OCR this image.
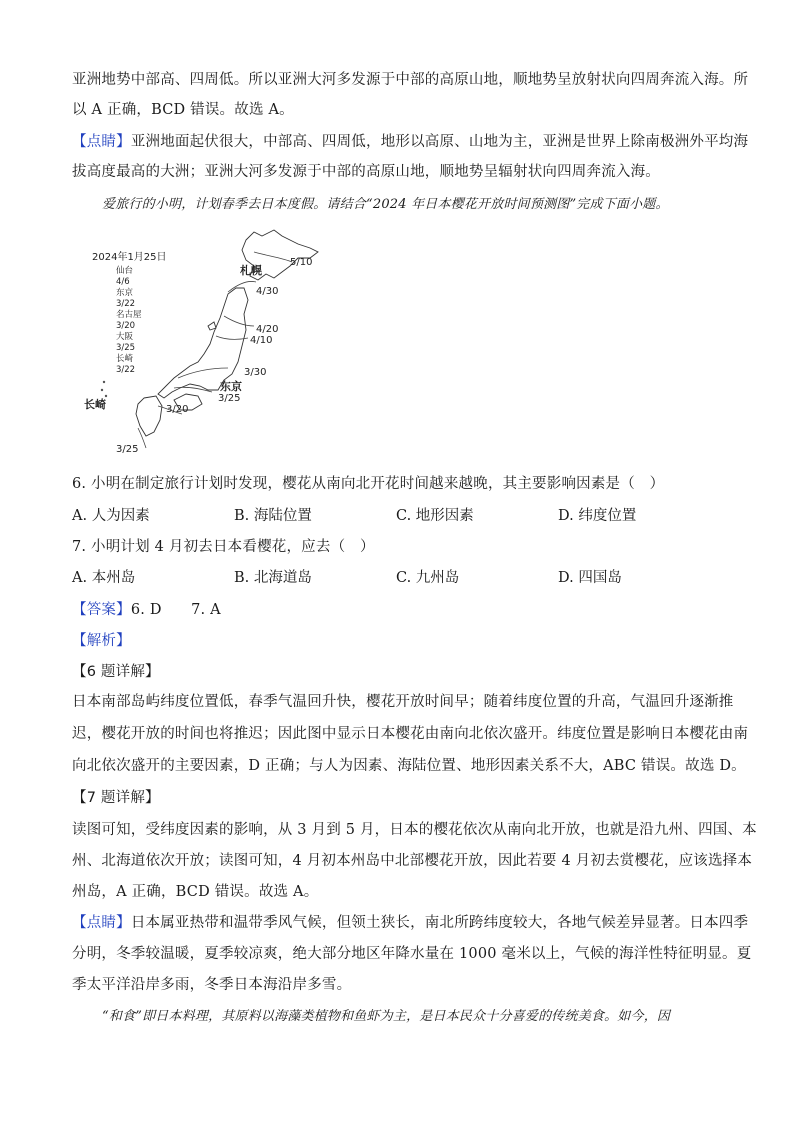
亚洲地势中部高、四周低。所以亚洲大河多发源于中部的高原山地，顺地势呈放射状向四周奔流入海。所
以 A 正确，BCD 错误。故选 A。
【点睛】亚洲地面起伏很大，中部高、四周低，地形以高原、山地为主，亚洲是世界上除南极洲外平均海
拔高度最高的大洲；亚洲大河多发源于中部的高原山地，顺地势呈辐射状向四周奔流入海。
爱旅行的小明，计划春季去日本度假。请结合“2024 年日本樱花开放时间预测图”完成下面小题。
2024年1月25日
仙台
4/6
东京
3/22
名古屋
3/20
大阪
3/25
长崎
3/22
札幌
东京
长崎
5/10
4/30
4/20
4/10
3/30
3/25
3/20
3/25
6. 小明在制定旅行计划时发现，樱花从南向北开花时间越来越晚，其主要影响因素是（　）
A. 人为因素	B. 海陆位置	C. 地形因素	D. 纬度位置
7. 小明计划 4 月初去日本看樱花，应去（　）
A. 本州岛	B. 北海道岛	C. 九州岛	D. 四国岛
【答案】6. D　　7. A
【解析】
【6 题详解】
日本南部岛屿纬度位置低，春季气温回升快，樱花开放时间早；随着纬度位置的升高，气温回升逐渐推
迟，樱花开放的时间也将推迟；因此图中显示日本樱花由南向北依次盛开。纬度位置是影响日本樱花由南
向北依次盛开的主要因素，D 正确；与人为因素、海陆位置、地形因素关系不大，ABC 错误。故选 D。
【7 题详解】
读图可知，受纬度因素的影响，从 3 月到 5 月，日本的樱花依次从南向北开放，也就是沿九州、四国、本
州、北海道依次开放；读图可知，4 月初本州岛中北部樱花开放，因此若要 4 月初去赏樱花，应该选择本
州岛，A 正确，BCD 错误。故选 A。
【点睛】日本属亚热带和温带季风气候，但领土狭长，南北所跨纬度较大，各地气候差异显著。日本四季
分明，冬季较温暖，夏季较凉爽，绝大部分地区年降水量在 1000 毫米以上，气候的海洋性特征明显。夏
季太平洋沿岸多雨，冬季日本海沿岸多雪。
“和食”即日本料理，其原料以海藻类植物和鱼虾为主，是日本民众十分喜爱的传统美食。如今，因
